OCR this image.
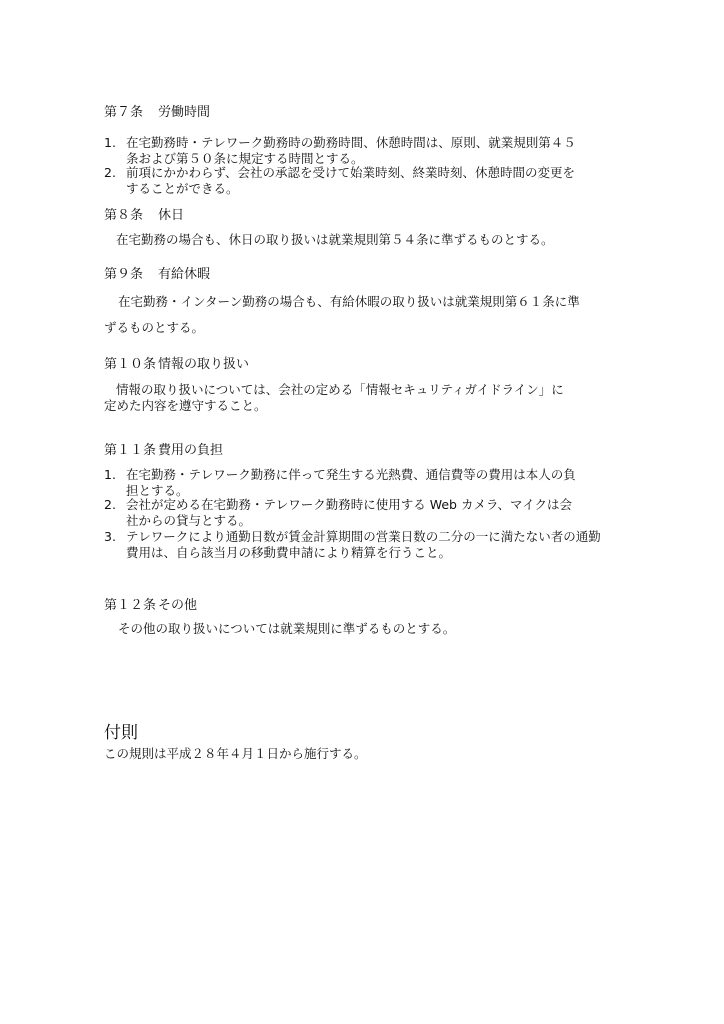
第７条 労働時間
1. 在宅勤務時・テレワーク勤務時の勤務時間、休憩時間は、原則、就業規則第４５
条および第５０条に規定する時間とする。
2. 前項にかかわらず、会社の承認を受けて始業時刻、終業時刻、休憩時間の変更を
することができる。
第８条 休日
在宅勤務の場合も、休日の取り扱いは就業規則第５４条に準ずるものとする。
第９条 有給休暇
在宅勤務・インターン勤務の場合も、有給休暇の取り扱いは就業規則第６１条に準
ずるものとする。
第１０条 情報の取り扱い
情報の取り扱いについては、会社の定める「情報セキュリティガイドライン」に
定めた内容を遵守すること。
第１１条 費用の負担
1. 在宅勤務・テレワーク勤務に伴って発生する光熱費、通信費等の費用は本人の負
担とする。
2. 会社が定める在宅勤務・テレワーク勤務時に使用する Web カメラ、マイクは会
社からの貸与とする。
3. テレワークにより通勤日数が賃金計算期間の営業日数の二分の一に満たない者の通勤
費用は、自ら該当月の移動費申請により精算を行うこと。
第１２条 その他
その他の取り扱いについては就業規則に準ずるものとする。
付則
この規則は平成２８年４月１日から施行する。
